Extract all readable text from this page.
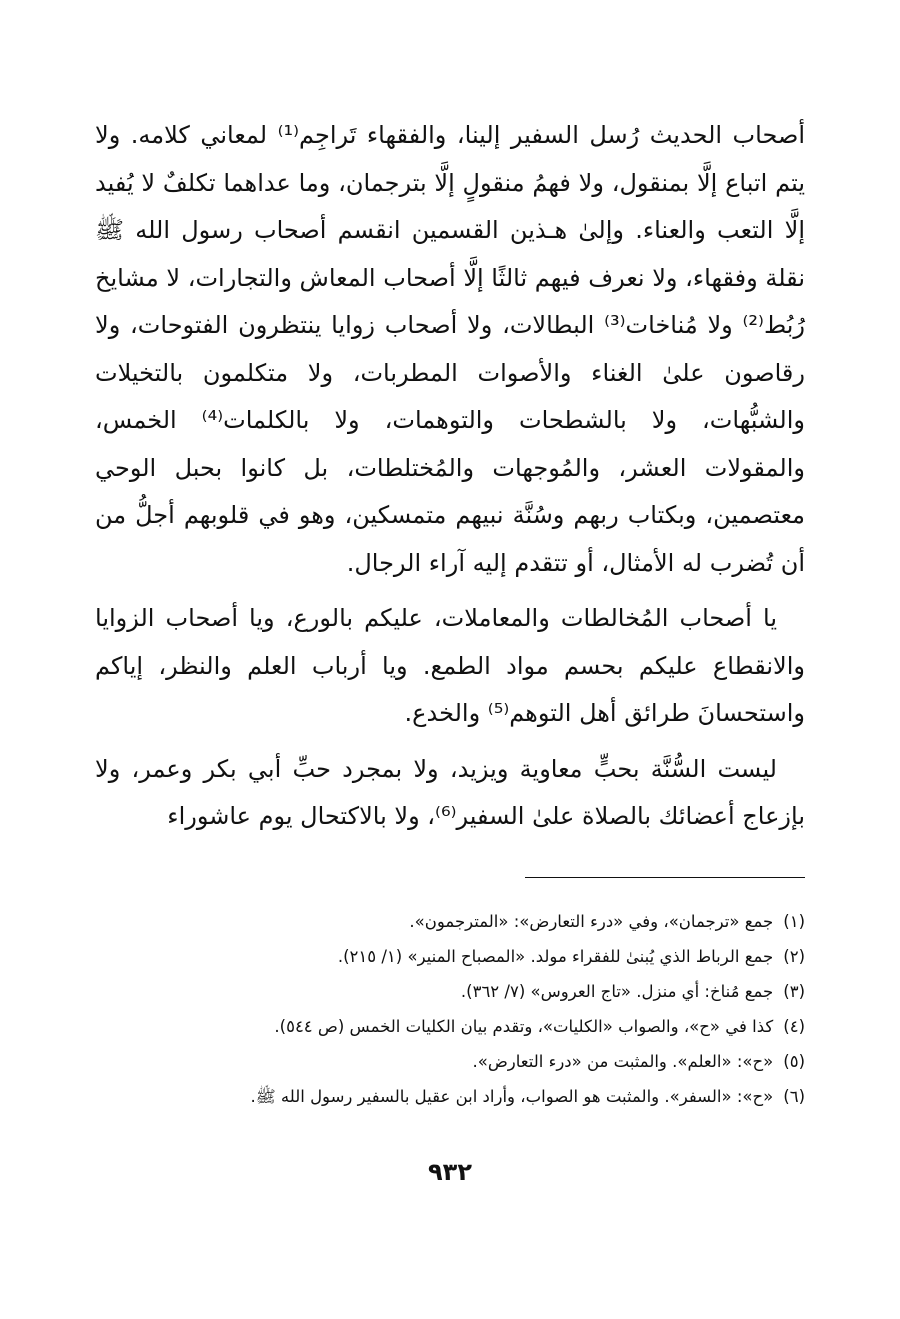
أصحاب الحديث رُسل السفير إلينا، والفقهاء تَراجِم⁽¹⁾ لمعاني كلامه. ولا يتم اتباع إلَّا بمنقول، ولا فهمُ منقولٍ إلَّا بترجمان، وما عداهما تكلفٌ لا يُفيد إلَّا التعب والعناء. وإلىٰ هـذين القسمين انقسم أصحاب رسول الله ﷺ نقلة وفقهاء، ولا نعرف فيهم ثالثًا إلَّا أصحاب المعاش والتجارات، لا مشايخ رُبُط⁽²⁾ ولا مُناخات⁽³⁾ البطالات، ولا أصحاب زوايا ينتظرون الفتوحات، ولا رقاصون علىٰ الغناء والأصوات المطربات، ولا متكلمون بالتخيلات والشبُّهات، ولا بالشطحات والتوهمات، ولا بالكلمات⁽⁴⁾ الخمس، والمقولات العشر، والمُوجهات والمُختلطات، بل كانوا بحبل الوحي معتصمين، وبكتاب ربهم وسُنَّة نبيهم متمسكين، وهو في قلوبهم أجلُّ من أن تُضرب له الأمثال، أو تتقدم إليه آراء الرجال.

يا أصحاب المُخالطات والمعاملات، عليكم بالورع، ويا أصحاب الزوايا والانقطاع عليكم بحسم مواد الطمع. ويا أرباب العلم والنظر، إياكم واستحسانَ طرائق أهل التوهم⁽⁵⁾ والخدع.

ليست السُّنَّة بحبٍّ معاوية ويزيد، ولا بمجرد حبِّ أبي بكر وعمر، ولا بإزعاج أعضائك بالصلاة علىٰ السفير⁽⁶⁾، ولا بالاكتحال يوم عاشوراء

(١)جمع «ترجمان»، وفي «درء التعارض»: «المترجمون».
(٢)جمع الرباط الذي يُبنىٰ للفقراء مولد. «المصباح المنير» (١/ ٢١٥).
(٣)جمع مُناخ: أي منزل. «تاج العروس» (٧/ ٣٦٢).
(٤)كذا في «ح»، والصواب «الكليات»، وتقدم بيان الكليات الخمس (ص ٥٤٤).
(٥)«ح»: «العلم». والمثبت من «درء التعارض».
(٦)«ح»: «السفر». والمثبت هو الصواب، وأراد ابن عقيل بالسفير رسول الله ﷺ.
٩٣٢
